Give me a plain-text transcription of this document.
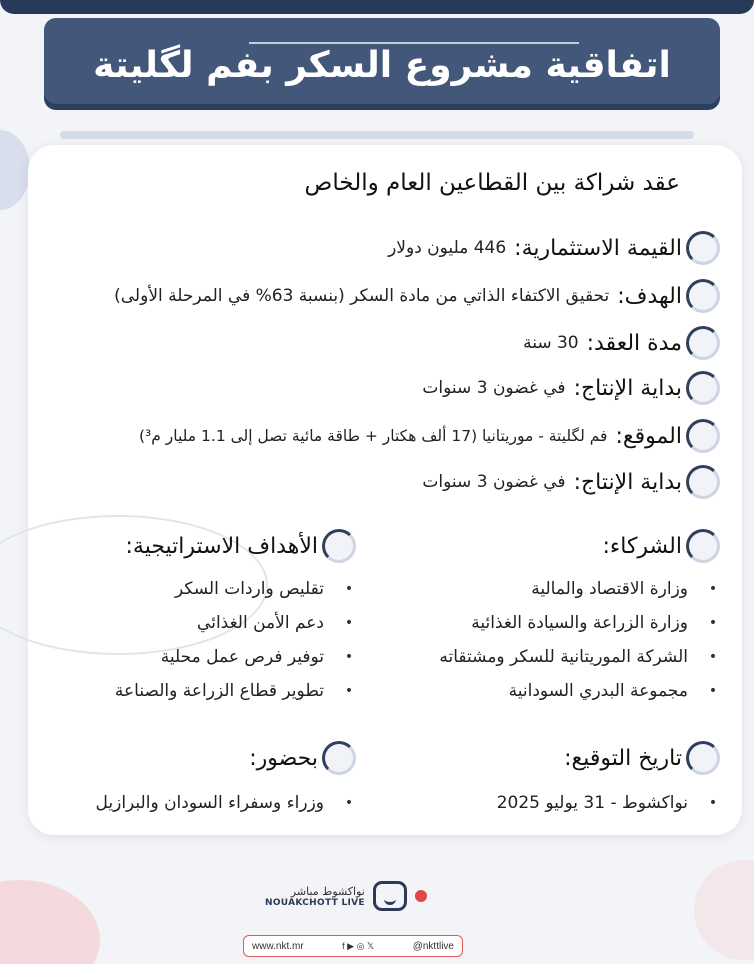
اتفاقية مشروع السكر بفم لگليتة
عقد شراكة بين القطاعين العام والخاص
القيمة الاستثمارية:
446 مليون دولار
الهدف:
تحقيق الاكتفاء الذاتي من مادة السكر (بنسبة 63% في المرحلة الأولى)
مدة العقد:
30 سنة
بداية الإنتاج:
في غضون 3 سنوات
الموقع:
فم لگليتة - موريتانيا (17 ألف هكتار + طاقة مائية تصل إلى 1.1 مليار م³)
بداية الإنتاج:
في غضون 3 سنوات
الشركاء:
•
وزارة الاقتصاد والمالية
•
وزارة الزراعة والسيادة الغذائية
•
الشركة الموريتانية للسكر ومشتقاته
•
مجموعة البدري السودانية
الأهداف الاستراتيجية:
•
تقليص واردات السكر
•
دعم الأمن الغذائي
•
توفير فرص عمل محلية
•
تطوير قطاع الزراعة والصناعة
تاريخ التوقيع:
•
نواكشوط - 31 يوليو 2025
بحضور:
•
وزراء وسفراء السودان والبرازيل
نواكشوط مباشر
NOUAKCHOTT LIVE
www.nkt.mr	f ▶ ◎ 𝕏	@nkttlive
